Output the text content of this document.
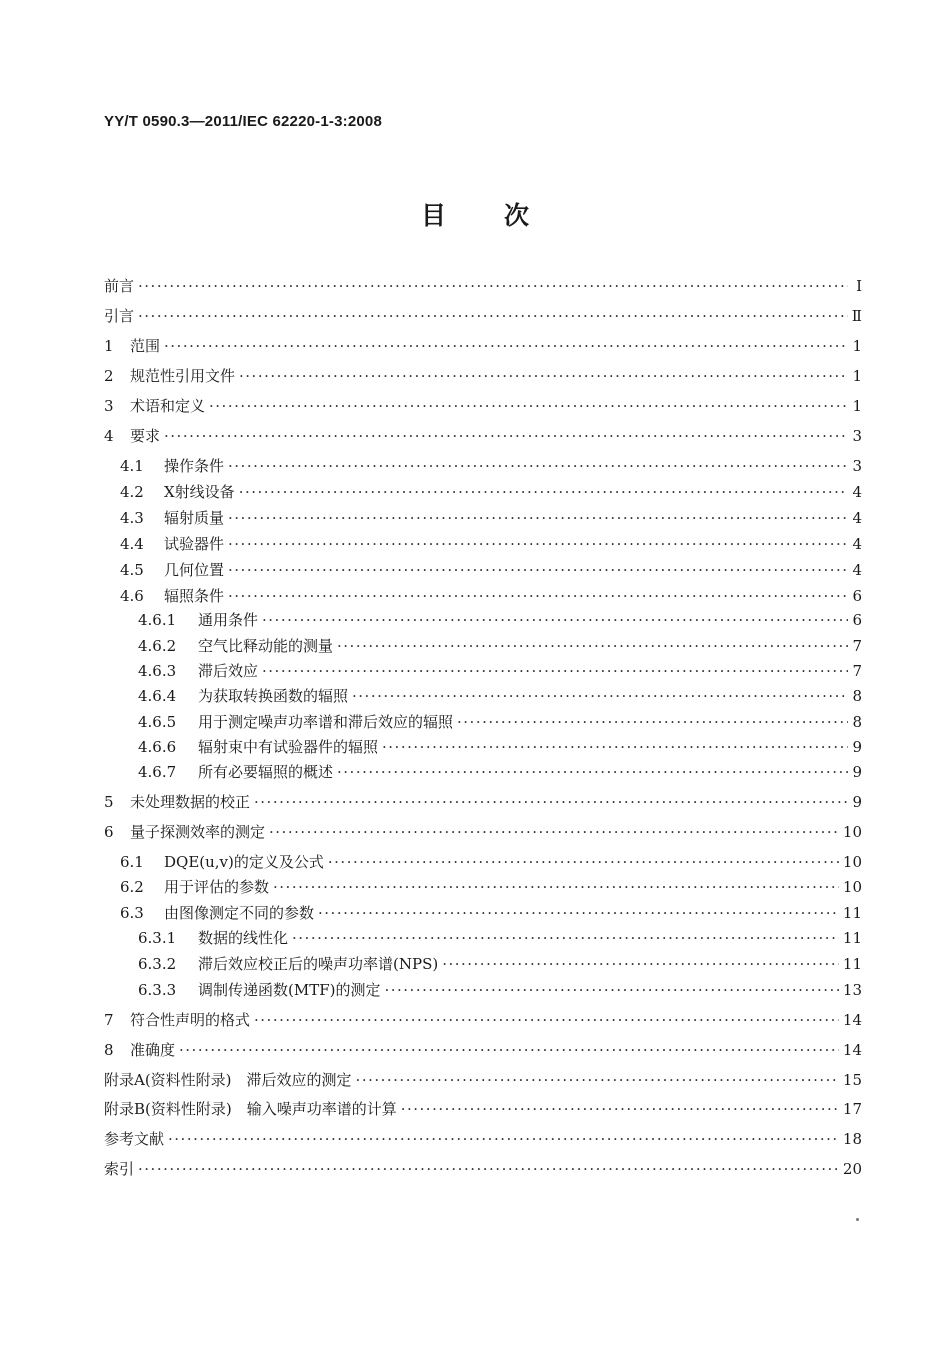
YY/T 0590.3—2011/IEC 62220-1-3:2008
目次
前言 ·····	Ⅰ
引言 ·····	Ⅱ
1	范围 ·····	1
2	规范性引用文件 ·····	1
3	术语和定义 ·····	1
4	要求 ·····	3
4.1	操作条件 ·····	3
4.2	X射线设备 ·····	4
4.3	辐射质量 ·····	4
4.4	试验器件 ·····	4
4.5	几何位置 ·····	4
4.6	辐照条件 ·····	6
4.6.1	通用条件 ·····	6
4.6.2	空气比释动能的测量 ·····	7
4.6.3	滞后效应 ·····	7
4.6.4	为获取转换函数的辐照 ·····	8
4.6.5	用于测定噪声功率谱和滞后效应的辐照 ·····	8
4.6.6	辐射束中有试验器件的辐照 ·····	9
4.6.7	所有必要辐照的概述 ·····	9
5	未处理数据的校正 ·····	9
6	量子探测效率的测定 ·····	10
6.1	DQE(u,v)的定义及公式 ·····	10
6.2	用于评估的参数 ·····	10
6.3	由图像测定不同的参数 ·····	11
6.3.1	数据的线性化 ·····	11
6.3.2	滞后效应校正后的噪声功率谱(NPS) ·····	11
6.3.3	调制传递函数(MTF)的测定 ·····	13
7	符合性声明的格式 ·····	14
8	准确度 ·····	14
附录A(资料性附录)　滞后效应的测定 ·····	15
附录B(资料性附录)　输入噪声功率谱的计算 ·····	17
参考文献 ·····	18
索引 ·····	20
